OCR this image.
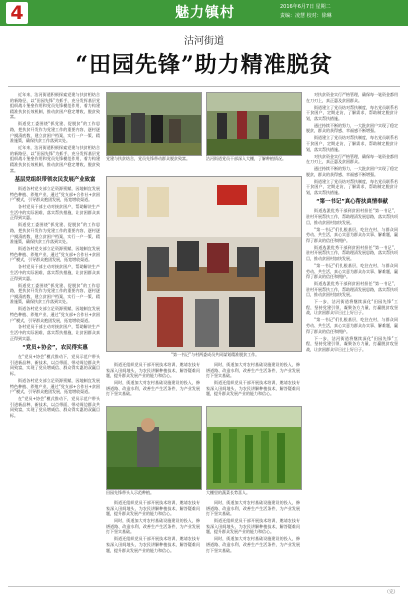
4	魅力镇村	2016年6月7日 星期二
责编：凌慧 校对：徐琳
沽河街道
“田园先锋”助力精准脱贫

近年来，沽河街道积极探索党建与扶贫相结合的新路径，以“田园先锋”为抓手，充分发挥基层党组织战斗堡垒作用和党员先锋模范作用，着力构建精准扶贫长效机制，推动贫困户稳定增收、脱贫致富。

街道党工委围绕“抓党建、促脱贫”的工作思路，把扶贫开发作为党建工作的重要内容，逐村逐户摸清底数，建立贫困户档案，实行一户一策、精准施策，确保扶贫工作落到实处。

近年来，沽河街道积极探索党建与扶贫相结合的新路径，以“田园先锋”为抓手，充分发挥基层党组织战斗堡垒作用和党员先锋模范作用，着力构建精准扶贫长效机制，推动贫困户稳定增收、脱贫致富。

基层党组织带领农民发展产业致富

街道各村党支部立足资源禀赋，因地制宜发展特色种植、养殖产业，通过“党支部+合作社+贫困户”模式，引导群众抱团发展，拓宽增收渠道。

各村党员干部主动对接贫困户，帮助解决生产生活中的实际困难，落实帮扶措施，让贫困群众真正得到实惠。

街道党工委围绕“抓党建、促脱贫”的工作思路，把扶贫开发作为党建工作的重要内容，逐村逐户摸清底数，建立贫困户档案，实行一户一策、精准施策，确保扶贫工作落到实处。

街道各村党支部立足资源禀赋，因地制宜发展特色种植、养殖产业，通过“党支部+合作社+贫困户”模式，引导群众抱团发展，拓宽增收渠道。

各村党员干部主动对接贫困户，帮助解决生产生活中的实际困难，落实帮扶措施，让贫困群众真正得到实惠。

街道党工委围绕“抓党建、促脱贫”的工作思路，把扶贫开发作为党建工作的重要内容，逐村逐户摸清底数，建立贫困户档案，实行一户一策、精准施策，确保扶贫工作落到实处。

街道各村党支部立足资源禀赋，因地制宜发展特色种植、养殖产业，通过“党支部+合作社+贫困户”模式，引导群众抱团发展，拓宽增收渠道。

各村党员干部主动对接贫困户，帮助解决生产生活中的实际困难，落实帮扶措施，让贫困群众真正得到实惠。

“党员+协会”，农民得实惠

在“党员+协会”模式推动下，党员示范户带头引进新品种、新技术，以点带面，带动周边群众共同致富，实现了党员增威信、群众得实惠的双赢目标。

街道各村党支部立足资源禀赋，因地制宜发展特色种植、养殖产业，通过“党支部+合作社+贫困户”模式，引导群众抱团发展，拓宽增收渠道。

在“党员+协会”模式推动下，党员示范户带头引进新品种、新技术，以点带面，带动周边群众共同致富，实现了党员增威信、群众得实惠的双赢目标。

党建与扶贫结合，党员先锋带动群众脱贫致富。	沽河街道党员干部深入大棚，了解种植情况。
“第一书记”与村两委成员共同谋划精准脱贫工作。

街道还组织党员干部开展技术培训，邀请农技专家深入田间地头，为农民讲解种植技术，解答疑难问题，提升群众发展产业的能力和信心。

同时，街道加大对农村基础设施建设的投入，修缮道路、改造水利，改善生产生活条件，为产业发展打下坚实基础。

同时，街道加大对农村基础设施建设的投入，修缮道路、改造水利，改善生产生活条件，为产业发展打下坚实基础。

街道还组织党员干部开展技术培训，邀请农技专家深入田间地头，为农民讲解种植技术，解答疑难问题，提升群众发展产业的能力和信心。

田园先锋带头人示范种植。	大棚里的蔬菜长势喜人。

街道还组织党员干部开展技术培训，邀请农技专家深入田间地头，为农民讲解种植技术，解答疑难问题，提升群众发展产业的能力和信心。

同时，街道加大对农村基础设施建设的投入，修缮道路、改造水利，改善生产生活条件，为产业发展打下坚实基础。

街道还组织党员干部开展技术培训，邀请农技专家深入田间地头，为农民讲解种植技术，解答疑难问题，提升群众发展产业的能力和信心。

同时，街道加大对农村基础设施建设的投入，修缮道路、改造水利，改善生产生活条件，为产业发展打下坚实基础。

街道还组织党员干部开展技术培训，邀请农技专家深入田间地头，为农民讲解种植技术，解答疑难问题，提升群众发展产业的能力和信心。

同时，街道加大对农村基础设施建设的投入，修缮道路、改造水利，改善生产生活条件，为产业发展打下坚实基础。

对扶贫资金实行严格管理，确保每一笔资金都用在刀刃上，真正惠及贫困群众。

街道建立了党员结对帮扶制度，每名党员联系若干贫困户，定期走访，了解需求，帮助制定脱贫计划，落实帮扶措施。

通过持续不断的努力，一大批贫困户实现了稳定脱贫，群众的获得感、幸福感不断增强。

街道建立了党员结对帮扶制度，每名党员联系若干贫困户，定期走访，了解需求，帮助制定脱贫计划，落实帮扶措施。

对扶贫资金实行严格管理，确保每一笔资金都用在刀刃上，真正惠及贫困群众。

通过持续不断的努力，一大批贫困户实现了稳定脱贫，群众的获得感、幸福感不断增强。

街道建立了党员结对帮扶制度，每名党员联系若干贫困户，定期走访，了解需求，帮助制定脱贫计划，落实帮扶措施。

“第一书记”真心帮扶真情奉献

街道选派优秀干部到贫困村担任“第一书记”，驻村开展帮扶工作，帮助理清发展思路，落实帮扶项目，推动贫困村加快发展。

“第一书记”们扎根基层，吃住在村，与群众同劳动、共生活，真心实意为群众办实事、解难题，赢得了群众的信任和拥护。

街道选派优秀干部到贫困村担任“第一书记”，驻村开展帮扶工作，帮助理清发展思路，落实帮扶项目，推动贫困村加快发展。

“第一书记”们扎根基层，吃住在村，与群众同劳动、共生活，真心实意为群众办实事、解难题，赢得了群众的信任和拥护。

街道选派优秀干部到贫困村担任“第一书记”，驻村开展帮扶工作，帮助理清发展思路，落实帮扶项目，推动贫困村加快发展。

下一步，沽河街道将继续深化“田园先锋”工程，坚持党建引领，凝聚各方力量，打赢脱贫攻坚战，让贫困群众早日过上好日子。

“第一书记”们扎根基层，吃住在村，与群众同劳动、共生活，真心实意为群众办实事、解难题，赢得了群众的信任和拥护。

下一步，沽河街道将继续深化“田园先锋”工程，坚持党建引领，凝聚各方力量，打赢脱贫攻坚战，让贫困群众早日过上好日子。

（完）
